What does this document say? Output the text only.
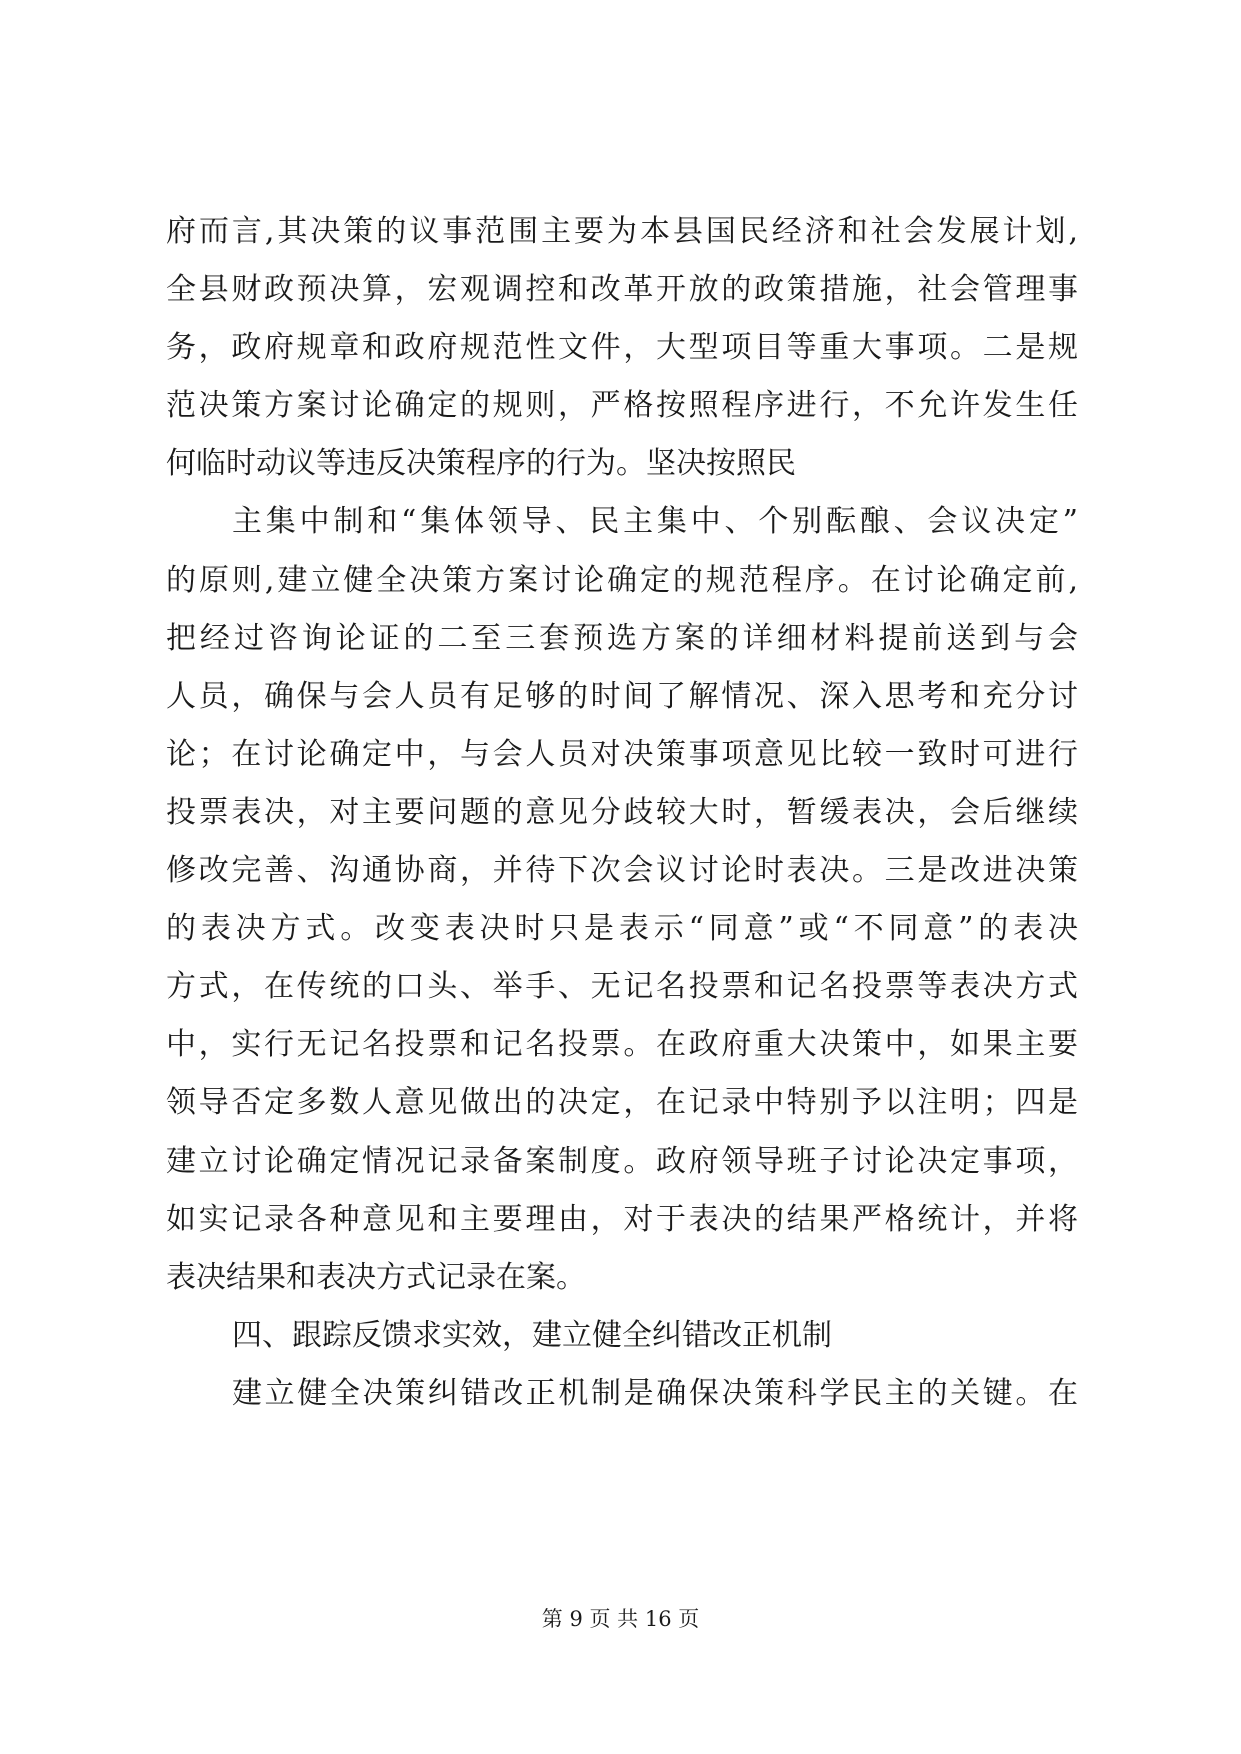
府而言,其决策的议事范围主要为本县国民经济和社会发展计划,
全县财政预决算，宏观调控和改革开放的政策措施，社会管理事
务，政府规章和政府规范性文件，大型项目等重大事项。二是规
范决策方案讨论确定的规则，严格按照程序进行，不允许发生任
何临时动议等违反决策程序的行为。坚决按照民
主集中制和“集体领导、民主集中、个别酝酿、会议决定”
的原则,建立健全决策方案讨论确定的规范程序。在讨论确定前,
把经过咨询论证的二至三套预选方案的详细材料提前送到与会
人员，确保与会人员有足够的时间了解情况、深入思考和充分讨
论；在讨论确定中，与会人员对决策事项意见比较一致时可进行
投票表决，对主要问题的意见分歧较大时，暂缓表决，会后继续
修改完善、沟通协商，并待下次会议讨论时表决。三是改进决策
的表决方式。改变表决时只是表示“同意”或“不同意”的表决
方式，在传统的口头、举手、无记名投票和记名投票等表决方式
中，实行无记名投票和记名投票。在政府重大决策中，如果主要
领导否定多数人意见做出的决定，在记录中特别予以注明；四是
建立讨论确定情况记录备案制度。政府领导班子讨论决定事项，
如实记录各种意见和主要理由，对于表决的结果严格统计，并将
表决结果和表决方式记录在案。
四、跟踪反馈求实效，建立健全纠错改正机制
建立健全决策纠错改正机制是确保决策科学民主的关键。在
第 9 页 共 16 页
